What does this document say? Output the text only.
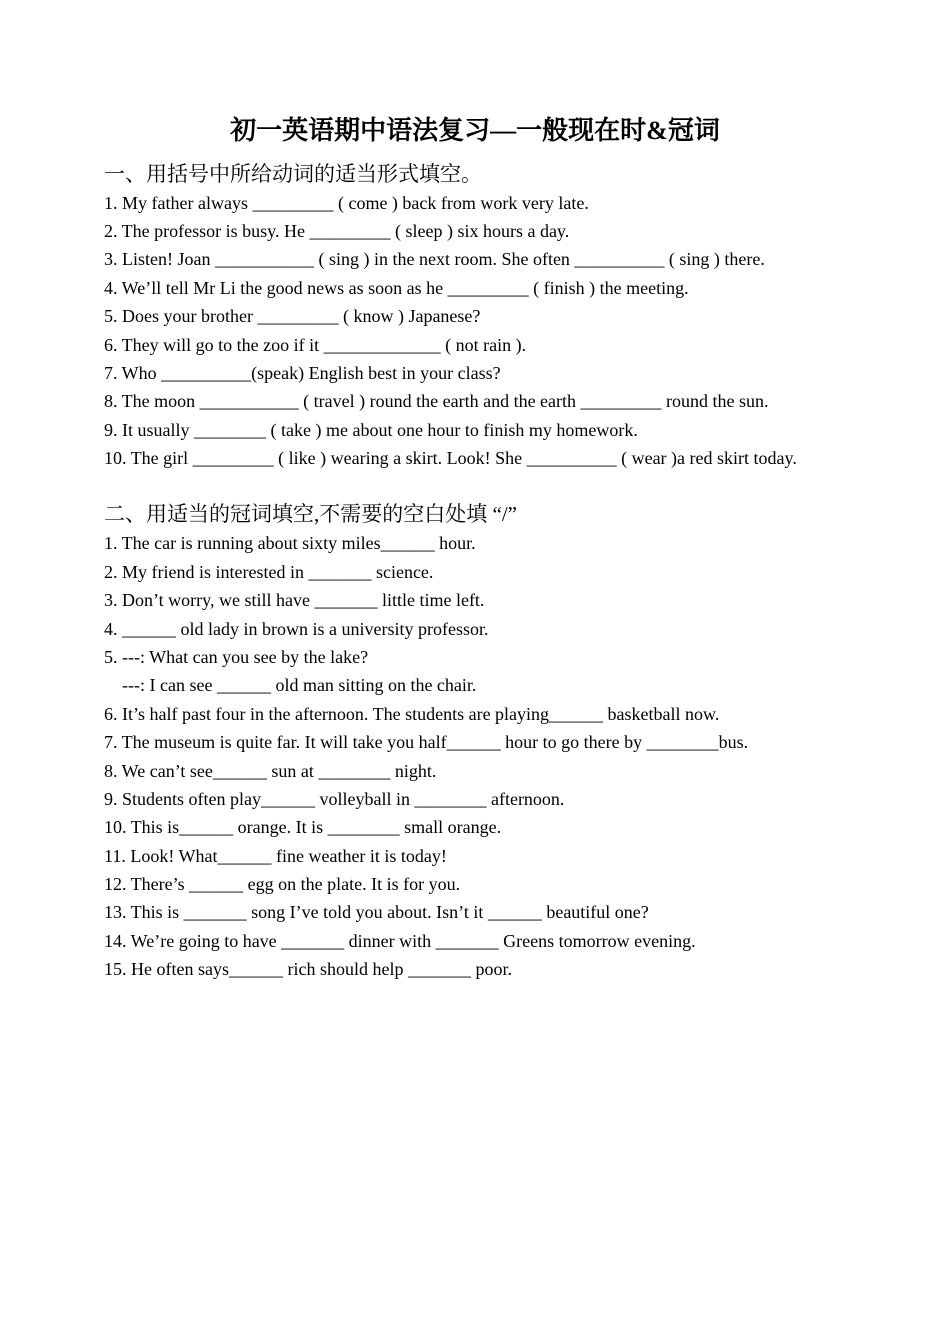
初一英语期中语法复习—一般现在时&冠词
一、用括号中所给动词的适当形式填空。
1. My father always _________ ( come ) back from work very late.
2. The professor is busy. He _________ ( sleep ) six hours a day.
3. Listen! Joan ___________ ( sing ) in the next room. She often __________ ( sing ) there.
4. We’ll tell Mr Li the good news as soon as he _________ ( finish ) the meeting.
5. Does your brother _________ ( know ) Japanese?
6. They will go to the zoo if it _____________ ( not rain ).
7. Who __________(speak) English best in your class?
8. The moon ___________ ( travel ) round the earth and the earth _________ round the sun.
9. It usually ________ ( take ) me about one hour to finish my homework.
10. The girl _________ ( like ) wearing a skirt. Look! She __________ ( wear )a red skirt today.
二、用适当的冠词填空,不需要的空白处填 “/”
1. The car is running about sixty miles______ hour.
2. My friend is interested in _______ science.
3. Don’t worry, we still have _______ little time left.
4. ______ old lady in brown is a university professor.
5. ---: What can you see by the lake?
---: I can see ______ old man sitting on the chair.
6. It’s half past four in the afternoon. The students are playing______ basketball now.
7. The museum is quite far. It will take you half______ hour to go there by ________bus.
8. We can’t see______ sun at ________ night.
9. Students often play______ volleyball in ________ afternoon.
10. This is______ orange. It is ________ small orange.
11. Look! What______ fine weather it is today!
12. There’s ______ egg on the plate. It is for you.
13. This is _______ song I’ve told you about. Isn’t it ______ beautiful one?
14. We’re going to have _______ dinner with _______ Greens tomorrow evening.
15. He often says______ rich should help _______ poor.
